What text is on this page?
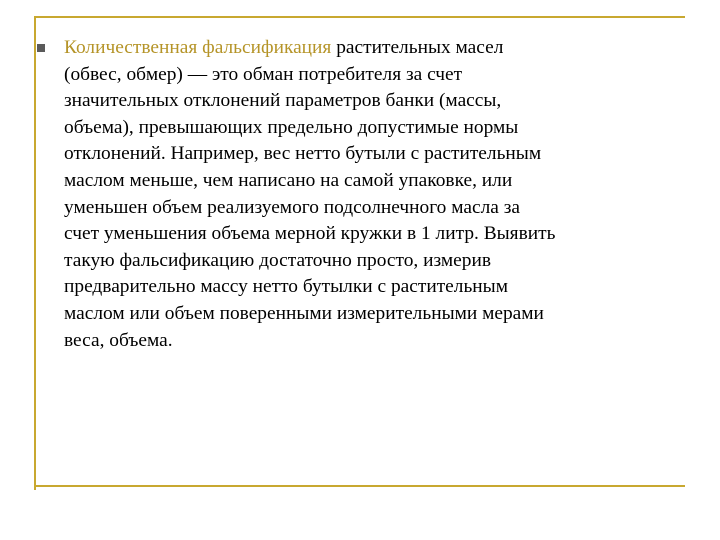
Количественная фальсификация растительных масел
(обвес, обмер) — это обман потребителя за счет
значительных отклонений параметров банки (массы,
объема), превышающих предельно допустимые нормы
отклонений. Например, вес нетто бутыли с растительным
маслом меньше, чем написано на самой упаковке, или
уменьшен объем реализуемого подсолнечного масла за
счет уменьшения объема мерной кружки в 1 литр. Выявить
такую фальсификацию достаточно просто, измерив
предварительно массу нетто бутылки с растительным
маслом или объем поверенными измерительными мерами
веса, объема.
